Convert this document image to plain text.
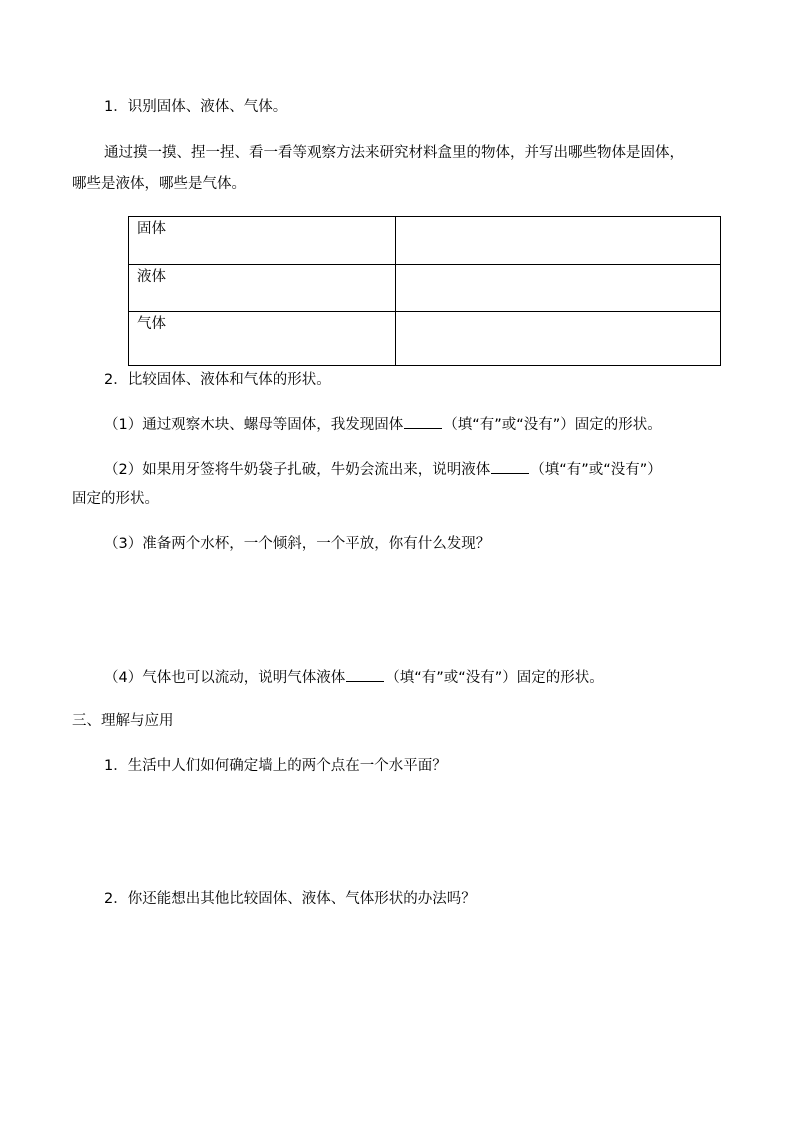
1．识别固体、液体、气体。
通过摸一摸、捏一捏、看一看等观察方法来研究材料盒里的物体，并写出哪些物体是固体，
哪些是液体，哪些是气体。
固体
液体
气体
2．比较固体、液体和气体的形状。
（1）通过观察木块、螺母等固体，我发现固体	（填“有”或“没有”）固定的形状。
（2）如果用牙签将牛奶袋子扎破，牛奶会流出来，说明液体	（填“有”或“没有”）
固定的形状。
（3）准备两个水杯，一个倾斜，一个平放，你有什么发现？
（4）气体也可以流动，说明气体液体	（填“有”或“没有”）固定的形状。
三、理解与应用
1．生活中人们如何确定墙上的两个点在一个水平面？
2．你还能想出其他比较固体、液体、气体形状的办法吗？
